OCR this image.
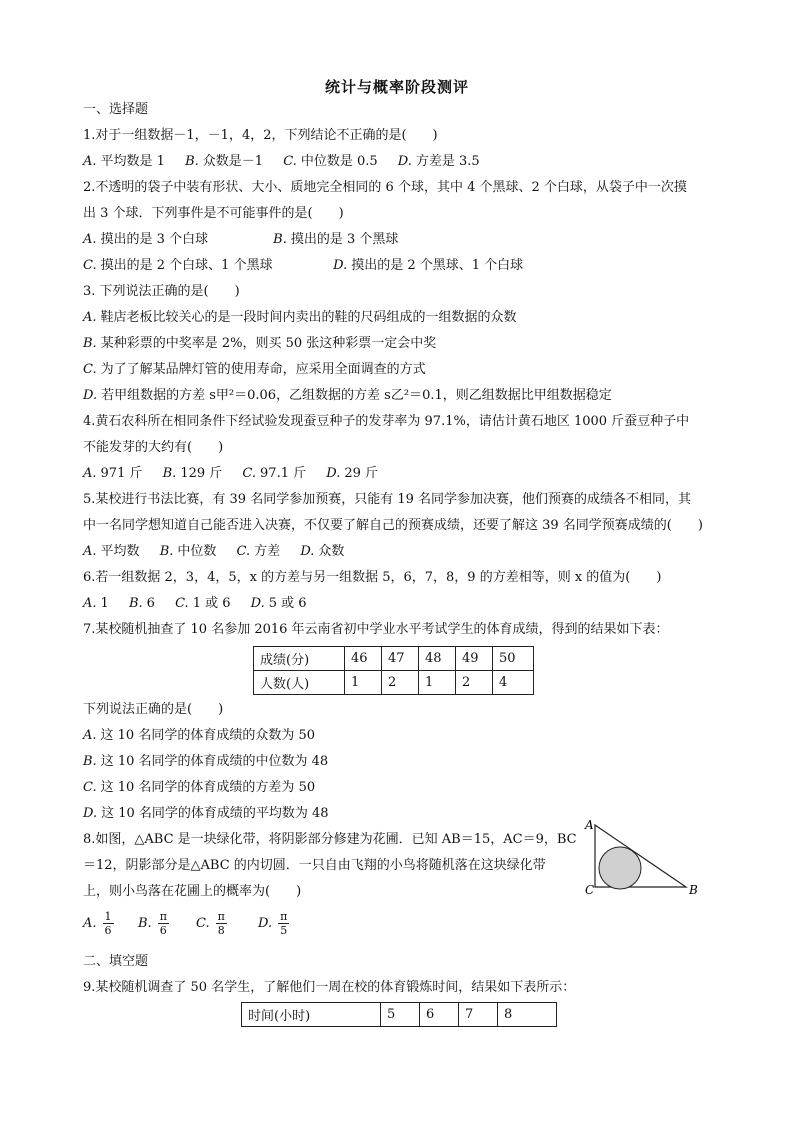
统计与概率阶段测评
一、选择题
1.对于一组数据－1，－1，4，2，下列结论不正确的是(　　)
A. 平均数是 1 B. 众数是－1 C. 中位数是 0.5 D. 方差是 3.5
2.不透明的袋子中装有形状、大小、质地完全相同的 6 个球，其中 4 个黑球、2 个白球，从袋子中一次摸
出 3 个球．下列事件是不可能事件的是(　　)
A. 摸出的是 3 个白球	B. 摸出的是 3 个黑球
C. 摸出的是 2 个白球、1 个黑球	D. 摸出的是 2 个黑球、1 个白球
3. 下列说法正确的是(　　)
A. 鞋店老板比较关心的是一段时间内卖出的鞋的尺码组成的一组数据的众数
B. 某种彩票的中奖率是 2%，则买 50 张这种彩票一定会中奖
C. 为了了解某品牌灯管的使用寿命，应采用全面调查的方式
D. 若甲组数据的方差 s甲²＝0.06，乙组数据的方差 s乙²＝0.1，则乙组数据比甲组数据稳定
4.黄石农科所在相同条件下经试验发现蚕豆种子的发芽率为 97.1%，请估计黄石地区 1000 斤蚕豆种子中
不能发芽的大约有(　　)
A. 971 斤 B. 129 斤 C. 97.1 斤 D. 29 斤
5.某校进行书法比赛，有 39 名同学参加预赛，只能有 19 名同学参加决赛，他们预赛的成绩各不相同，其
中一名同学想知道自己能否进入决赛，不仅要了解自己的预赛成绩，还要了解这 39 名同学预赛成绩的(　　)
A. 平均数 B. 中位数 C. 方差 D. 众数
6.若一组数据 2，3，4，5，x 的方差与另一组数据 5，6，7，8，9 的方差相等，则 x 的值为(　　)
A. 1 B. 6 C. 1 或 6 D. 5 或 6
7.某校随机抽查了 10 名参加 2016 年云南省初中学业水平考试学生的体育成绩，得到的结果如下表：
成绩(分)	46	47	48	49	50
人数(人)	1	2	1	2	4
下列说法正确的是(　　)
A. 这 10 名同学的体育成绩的众数为 50
B. 这 10 名同学的体育成绩的中位数为 48
C. 这 10 名同学的体育成绩的方差为 50
D. 这 10 名同学的体育成绩的平均数为 48
8.如图，△ABC 是一块绿化带，将阴影部分修建为花圃．已知 AB＝15，AC＝9，BC
＝12，阴影部分是△ABC 的内切圆．一只自由飞翔的小鸟将随机落在这块绿化带
上，则小鸟落在花圃上的概率为(　　)
A
B
C
A. $\frac{1}{6} B$. $\frac{\pi}{6} C$. $\frac{\pi}{8} D$. $\frac{\pi}{5}$
二、填空题
9.某校随机调查了 50 名学生，了解他们一周在校的体育锻炼时间，结果如下表所示：
时间(小时)	5	6	7	8
